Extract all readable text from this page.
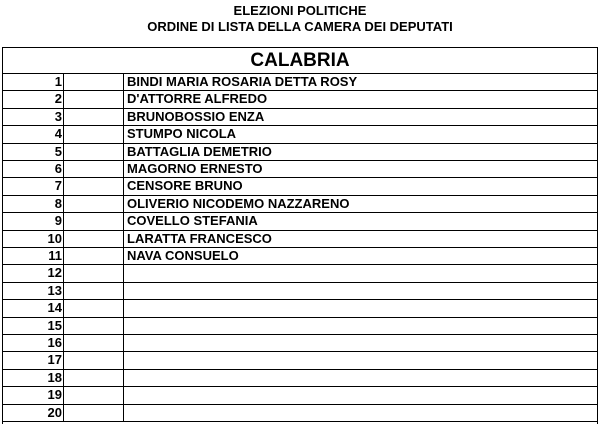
ELEZIONI POLITICHE
ORDINE DI LISTA DELLA CAMERA DEI DEPUTATI
CALABRIA
1	BINDI MARIA ROSARIA DETTA ROSY
2	D'ATTORRE ALFREDO
3	BRUNOBOSSIO ENZA
4	STUMPO NICOLA
5	BATTAGLIA DEMETRIO
6	MAGORNO ERNESTO
7	CENSORE BRUNO
8	OLIVERIO NICODEMO NAZZARENO
9	COVELLO STEFANIA
10	LARATTA FRANCESCO
11	NAVA CONSUELO
12
13
14
15
16
17
18
19
20
